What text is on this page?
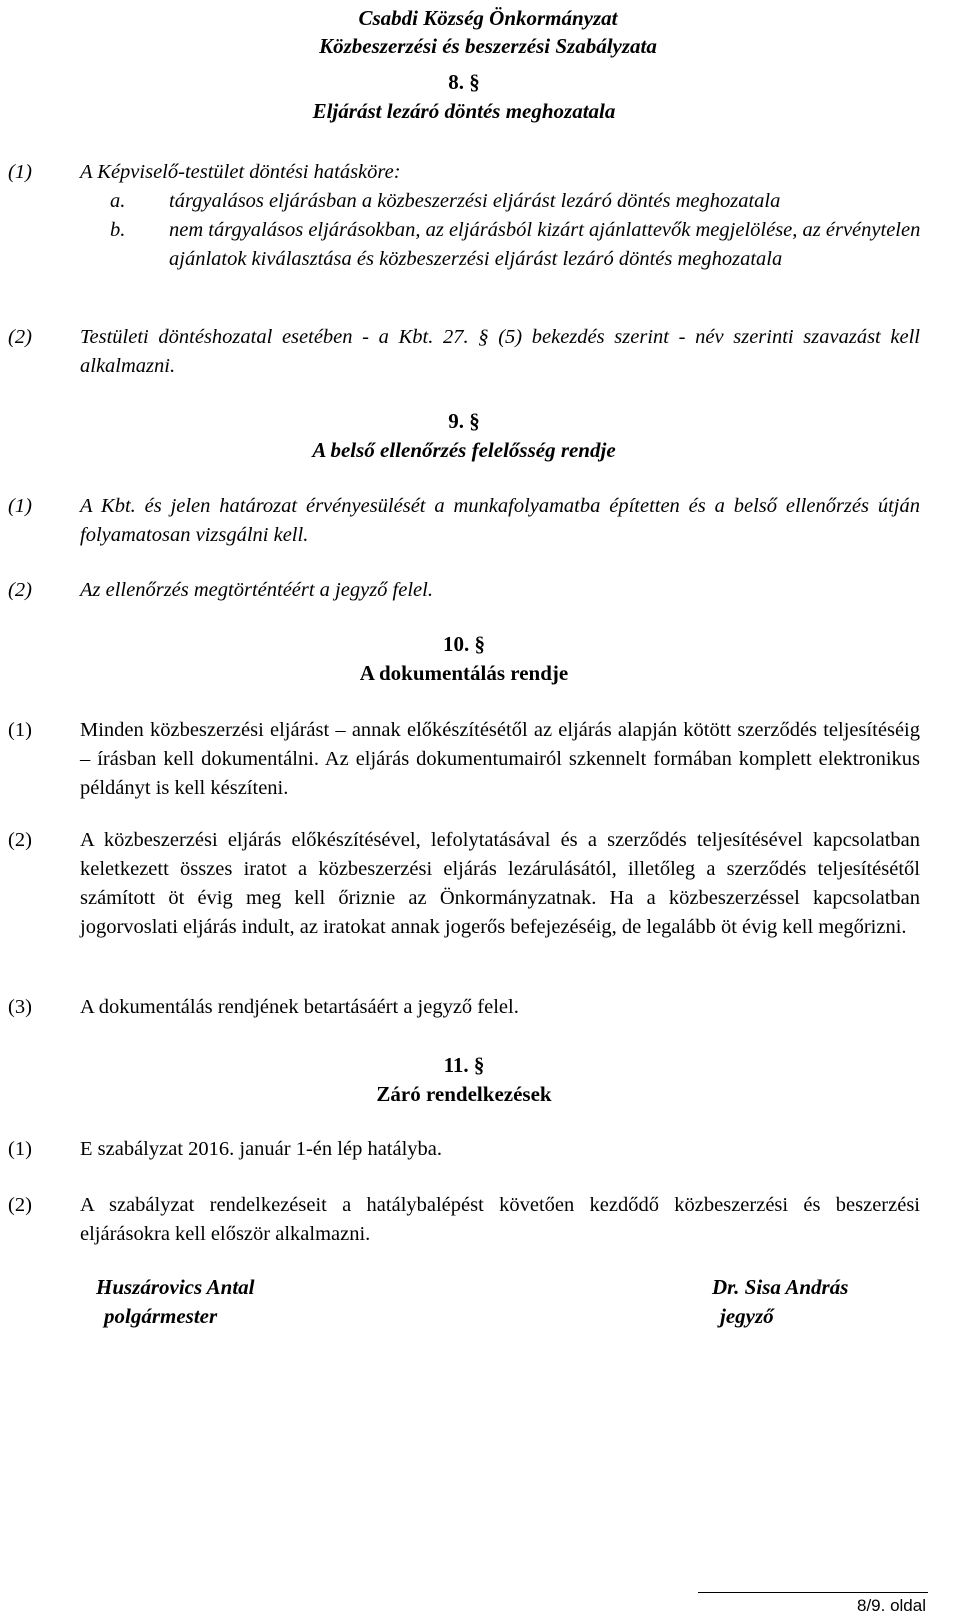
Csabdi Község Önkormányzat
Közbeszerzési és beszerzési Szabályzata
8. §
Eljárást lezáró döntés meghozatala
(1) A Képviselő-testület döntési hatásköre:
a. tárgyalásos eljárásban a közbeszerzési eljárást lezáró döntés meghozatala
b. nem tárgyalásos eljárásokban, az eljárásból kizárt ajánlattevők megjelölése, az érvénytelen ajánlatok kiválasztása és közbeszerzési eljárást lezáró döntés meghozatala
(2) Testületi döntéshozatal esetében - a Kbt. 27. § (5) bekezdés szerint - név szerinti szavazást kell alkalmazni.
9. §
A belső ellenőrzés felelősség rendje
(1) A Kbt. és jelen határozat érvényesülését a munkafolyamatba építetten és a belső ellenőrzés útján folyamatosan vizsgálni kell.
(2) Az ellenőrzés megtörténtéért a jegyző felel.
10. §
A dokumentálás rendje
(1) Minden közbeszerzési eljárást – annak előkészítésétől az eljárás alapján kötött szerződés teljesítéséig – írásban kell dokumentálni. Az eljárás dokumentumairól szkennelt formában komplett elektronikus példányt is kell készíteni.
(2) A közbeszerzési eljárás előkészítésével, lefolytatásával és a szerződés teljesítésével kapcsolatban keletkezett összes iratot a közbeszerzési eljárás lezárulásától, illetőleg a szerződés teljesítésétől számított öt évig meg kell őriznie az Önkormányzatnak. Ha a közbeszerzéssel kapcsolatban jogorvoslati eljárás indult, az iratokat annak jogerős befejezéséig, de legalább öt évig kell megőrizni.
(3) A dokumentálás rendjének betartásáért a jegyző felel.
11. §
Záró rendelkezések
(1) E szabályzat 2016. január 1-én lép hatályba.
(2) A szabályzat rendelkezéseit a hatálybalépést követően kezdődő közbeszerzési és beszerzési eljárásokra kell először alkalmazni.
Huszárovics Antal
polgármester
Dr. Sisa András
jegyző
8/9. oldal
